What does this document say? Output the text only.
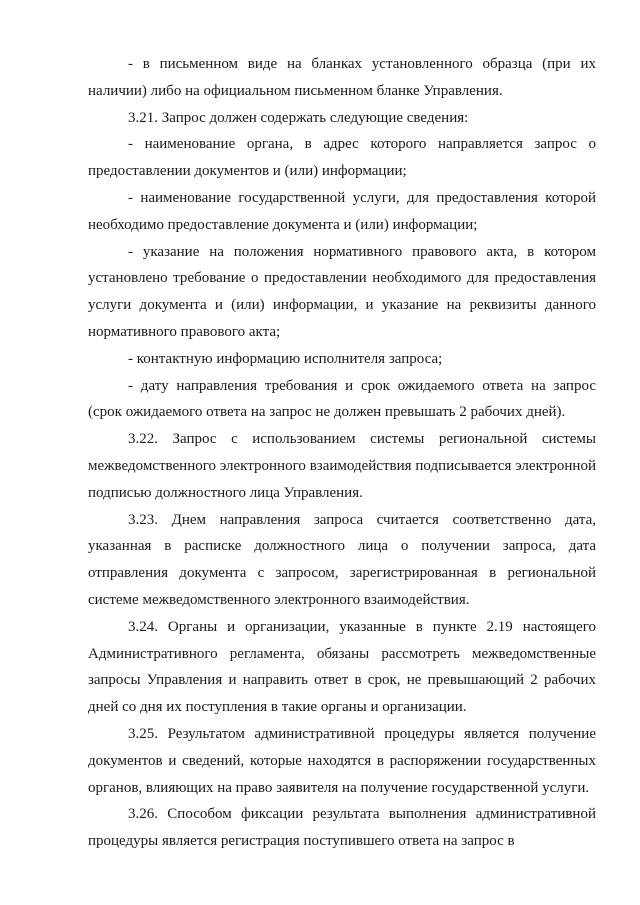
- в письменном виде на бланках установленного образца (при их наличии) либо на официальном письменном бланке Управления.

3.21. Запрос должен содержать следующие сведения:

- наименование органа, в адрес которого направляется запрос о предоставлении документов и (или) информации;

- наименование государственной услуги, для предоставления которой необходимо предоставление документа и (или) информации;

- указание на положения нормативного правового акта, в котором установлено требование о предоставлении необходимого для предоставления услуги документа и (или) информации, и указание на реквизиты данного нормативного правового акта;

- контактную информацию исполнителя запроса;

- дату направления требования и срок ожидаемого ответа на запрос (срок ожидаемого ответа на запрос не должен превышать 2 рабочих дней).

3.22. Запрос с использованием системы региональной системы межведомственного электронного взаимодействия подписывается электронной подписью должностного лица Управления.

3.23. Днем направления запроса считается соответственно дата, указанная в расписке должностного лица о получении запроса, дата отправления документа с запросом, зарегистрированная в региональной системе межведомственного электронного взаимодействия.

3.24. Органы и организации, указанные в пункте 2.19 настоящего Административного регламента, обязаны рассмотреть межведомственные запросы Управления и направить ответ в срок, не превышающий 2 рабочих дней со дня их поступления в такие органы и организации.

3.25. Результатом административной процедуры является получение документов и сведений, которые находятся в распоряжении государственных органов, влияющих на право заявителя на получение государственной услуги.

3.26. Способом фиксации результата выполнения административной процедуры является регистрация поступившего ответа на запрос в
